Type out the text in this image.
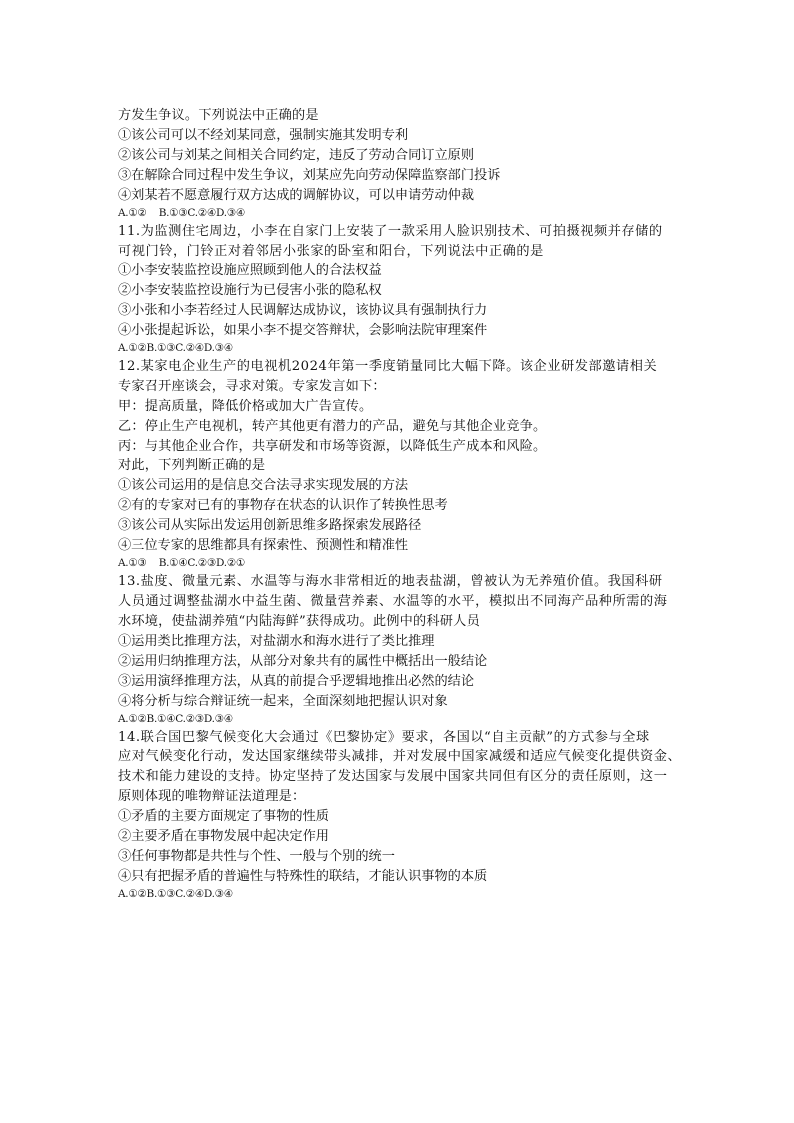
方发生争议。下列说法中正确的是
①该公司可以不经刘某同意，强制实施其发明专利
②该公司与刘某之间相关合同约定，违反了劳动合同订立原则
③在解除合同过程中发生争议，刘某应先向劳动保障监察部门投诉
④刘某若不愿意履行双方达成的调解协议，可以申请劳动仲裁
A.①②    B.①③C.②④D.③④
11.为监测住宅周边，小李在自家门上安装了一款采用人脸识别技术、可拍摄视频并存储的
可视门铃，门铃正对着邻居小张家的卧室和阳台，下列说法中正确的是
①小李安装监控设施应照顾到他人的合法权益
②小李安装监控设施行为已侵害小张的隐私权
③小张和小李若经过人民调解达成协议，该协议具有强制执行力
④小张提起诉讼，如果小李不提交答辩状，会影响法院审理案件
A.①②B.①③C.②④D.③④
12.某家电企业生产的电视机2024年第一季度销量同比大幅下降。该企业研发部邀请相关
专家召开座谈会，寻求对策。专家发言如下：
甲：提高质量，降低价格或加大广告宣传。
乙：停止生产电视机，转产其他更有潜力的产品，避免与其他企业竞争。
丙：与其他企业合作，共享研发和市场等资源，以降低生产成本和风险。
对此，下列判断正确的是
①该公司运用的是信息交合法寻求实现发展的方法
②有的专家对已有的事物存在状态的认识作了转换性思考
③该公司从实际出发运用创新思维多路探索发展路径
④三位专家的思维都具有探索性、预测性和精准性
A.①③    B.①④C.②③D.②①
13.盐度、微量元素、水温等与海水非常相近的地表盐湖，曾被认为无养殖价值。我国科研
人员通过调整盐湖水中益生菌、微量营养素、水温等的水平，模拟出不同海产品种所需的海
水环境，使盐湖养殖“内陆海鲜”获得成功。此例中的科研人员
①运用类比推理方法，对盐湖水和海水进行了类比推理
②运用归纳推理方法，从部分对象共有的属性中概括出一般结论
③运用演绎推理方法，从真的前提合乎逻辑地推出必然的结论
④将分析与综合辩证统一起来，全面深刻地把握认识对象
A.①②B.①④C.②③D.③④
14.联合国巴黎气候变化大会通过《巴黎协定》要求，各国以“自主贡献”的方式参与全球
应对气候变化行动，发达国家继续带头减排，并对发展中国家减缓和适应气候变化提供资金、
技术和能力建设的支持。协定坚持了发达国家与发展中国家共同但有区分的责任原则，这一
原则体现的唯物辩证法道理是：
①矛盾的主要方面规定了事物的性质
②主要矛盾在事物发展中起决定作用
③任何事物都是共性与个性、一般与个别的统一
④只有把握矛盾的普遍性与特殊性的联结，才能认识事物的本质
A.①②B.①③C.②④D.③④
